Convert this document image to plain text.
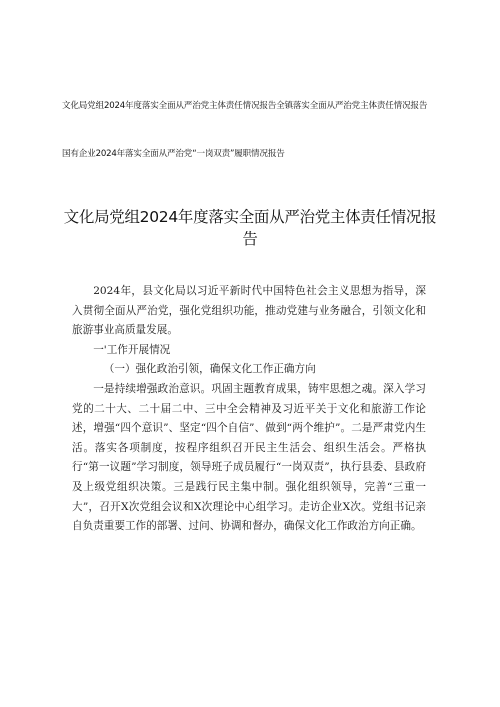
文化局党组2024年度落实全面从严治党主体责任情况报告全镇落实全面从严治党主体责任情况报告
国有企业2024年落实全面从严治党“一岗双责”履职情况报告
文化局党组2024年度落实全面从严治党主体责任情况报告

2024年，县文化局以习近平新时代中国特色社会主义思想为指导，深入贯彻全面从严治党，强化党组织功能，推动党建与业务融合，引领文化和旅游事业高质量发展。

一'工作开展情况

（一）强化政治引领，确保文化工作正确方向

一是持续增强政治意识。巩固主题教育成果，铸牢思想之魂。深入学习党的二十大、二十届二中、三中全会精神及习近平关于文化和旅游工作论述，增强“四个意识”、坚定“四个自信”、做到“两个维护”。二是严肃党内生活。落实各项制度，按程序组织召开民主生活会、组织生活会。严格执行“第一议题”学习制度，领导班子成员履行“一岗双责”，执行县委、县政府及上级党组织决策。三是践行民主集中制。强化组织领导，完善“三重一大”，召开X次党组会议和X次理论中心组学习。走访企业X次。党组书记亲自负责重要工作的部署、过问、协调和督办，确保文化工作政治方向正确。
